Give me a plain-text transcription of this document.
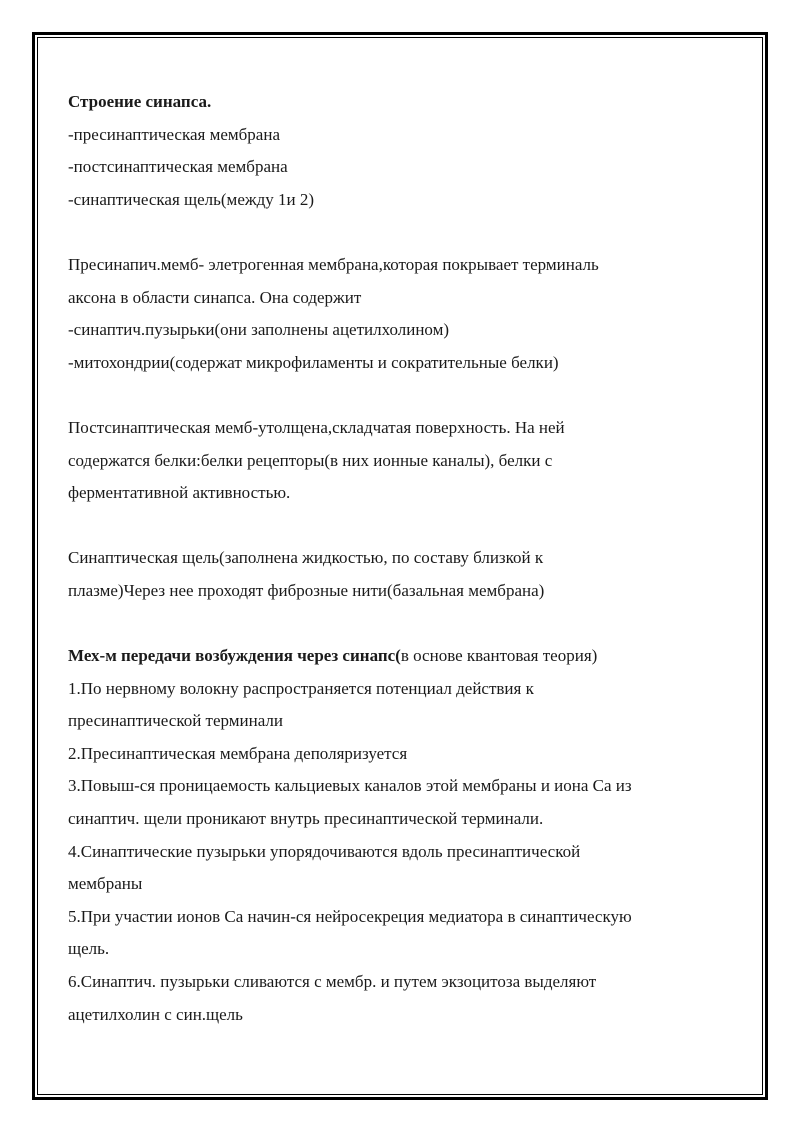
Строение синапса.

-пресинаптическая мембрана

-постсинаптическая мембрана

-синаптическая щель(между 1и 2)

Пресинапич.мемб- элетрогенная мембрана,которая покрывает терминаль

аксона в области синапса. Она содержит

-синаптич.пузырьки(они заполнены ацетилхолином)

-митохондрии(содержат микрофиламенты и сократительные белки)

Постсинаптическая мемб-утолщена,складчатая поверхность. На ней

содержатся белки:белки рецепторы(в них ионные каналы), белки с

ферментативной активностью.

Синаптическая щель(заполнена жидкостью, по составу близкой к

плазме)Через нее проходят фиброзные нити(базальная мембрана)

Мех-м передачи возбуждения через синапс(в основе квантовая теория)

1.По нервному волокну распространяется потенциал действия к

пресинаптической терминали

2.Пресинаптическая мембрана деполяризуется

3.Повыш-ся проницаемость кальциевых каналов этой мембраны и иона Са из

синаптич. щели проникают внутрь пресинаптической терминали.

4.Синаптические пузырьки упорядочиваются вдоль пресинаптической

мембраны

5.При участии ионов Са начин-ся нейросекреция медиатора в синаптическую

щель.

6.Синаптич. пузырьки сливаются с мембр. и путем экзоцитоза выделяют

ацетилхолин с син.щель
